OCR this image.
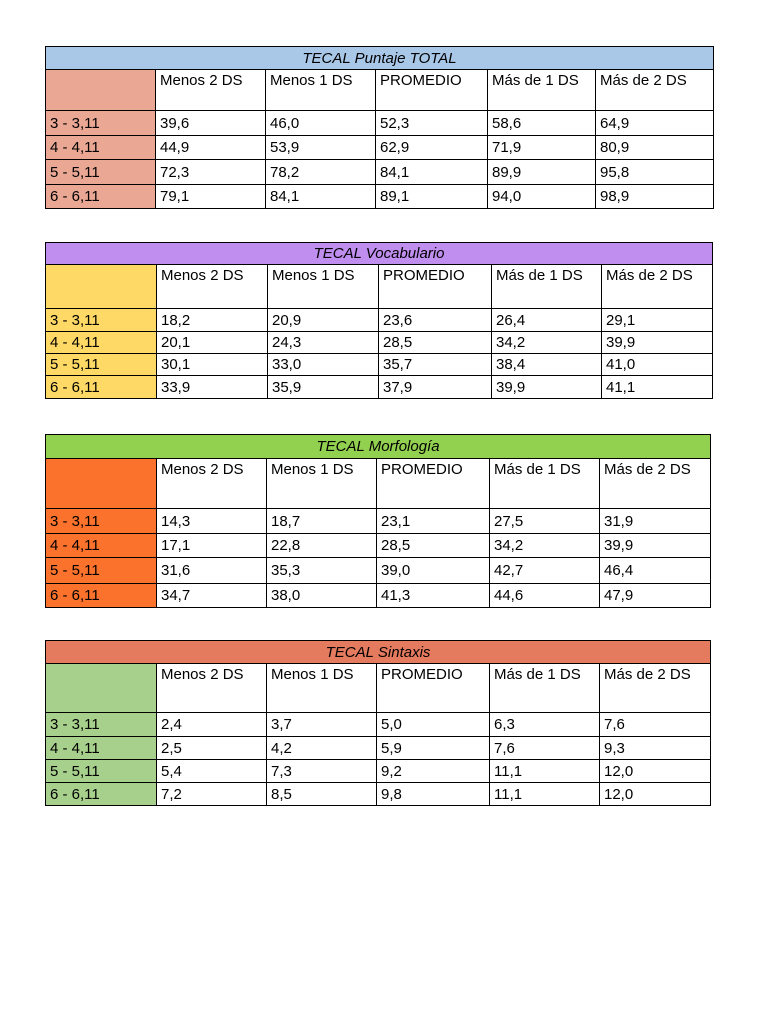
TECAL Puntaje TOTAL					
	Menos 2 DS	Menos 1 DS	PROMEDIO	Más de 1 DS	Más de 2 DS
3 - 3,11	39,6	46,0	52,3	58,6	64,9
4 - 4,11	44,9	53,9	62,9	71,9	80,9
5 - 5,11	72,3	78,2	84,1	89,9	95,8
6 - 6,11	79,1	84,1	89,1	94,0	98,9
TECAL Vocabulario					
	Menos 2 DS	Menos 1 DS	PROMEDIO	Más de 1 DS	Más de 2 DS
3 - 3,11	18,2	20,9	23,6	26,4	29,1
4 - 4,11	20,1	24,3	28,5	34,2	39,9
5 - 5,11	30,1	33,0	35,7	38,4	41,0
6 - 6,11	33,9	35,9	37,9	39,9	41,1
TECAL Morfología					
	Menos 2 DS	Menos 1 DS	PROMEDIO	Más de 1 DS	Más de 2 DS
3 - 3,11	14,3	18,7	23,1	27,5	31,9
4 - 4,11	17,1	22,8	28,5	34,2	39,9
5 - 5,11	31,6	35,3	39,0	42,7	46,4
6 - 6,11	34,7	38,0	41,3	44,6	47,9
TECAL Sintaxis					
	Menos 2 DS	Menos 1 DS	PROMEDIO	Más de 1 DS	Más de 2 DS
3 - 3,11	2,4	3,7	5,0	6,3	7,6
4 - 4,11	2,5	4,2	5,9	7,6	9,3
5 - 5,11	5,4	7,3	9,2	11,1	12,0
6 - 6,11	7,2	8,5	9,8	11,1	12,0
